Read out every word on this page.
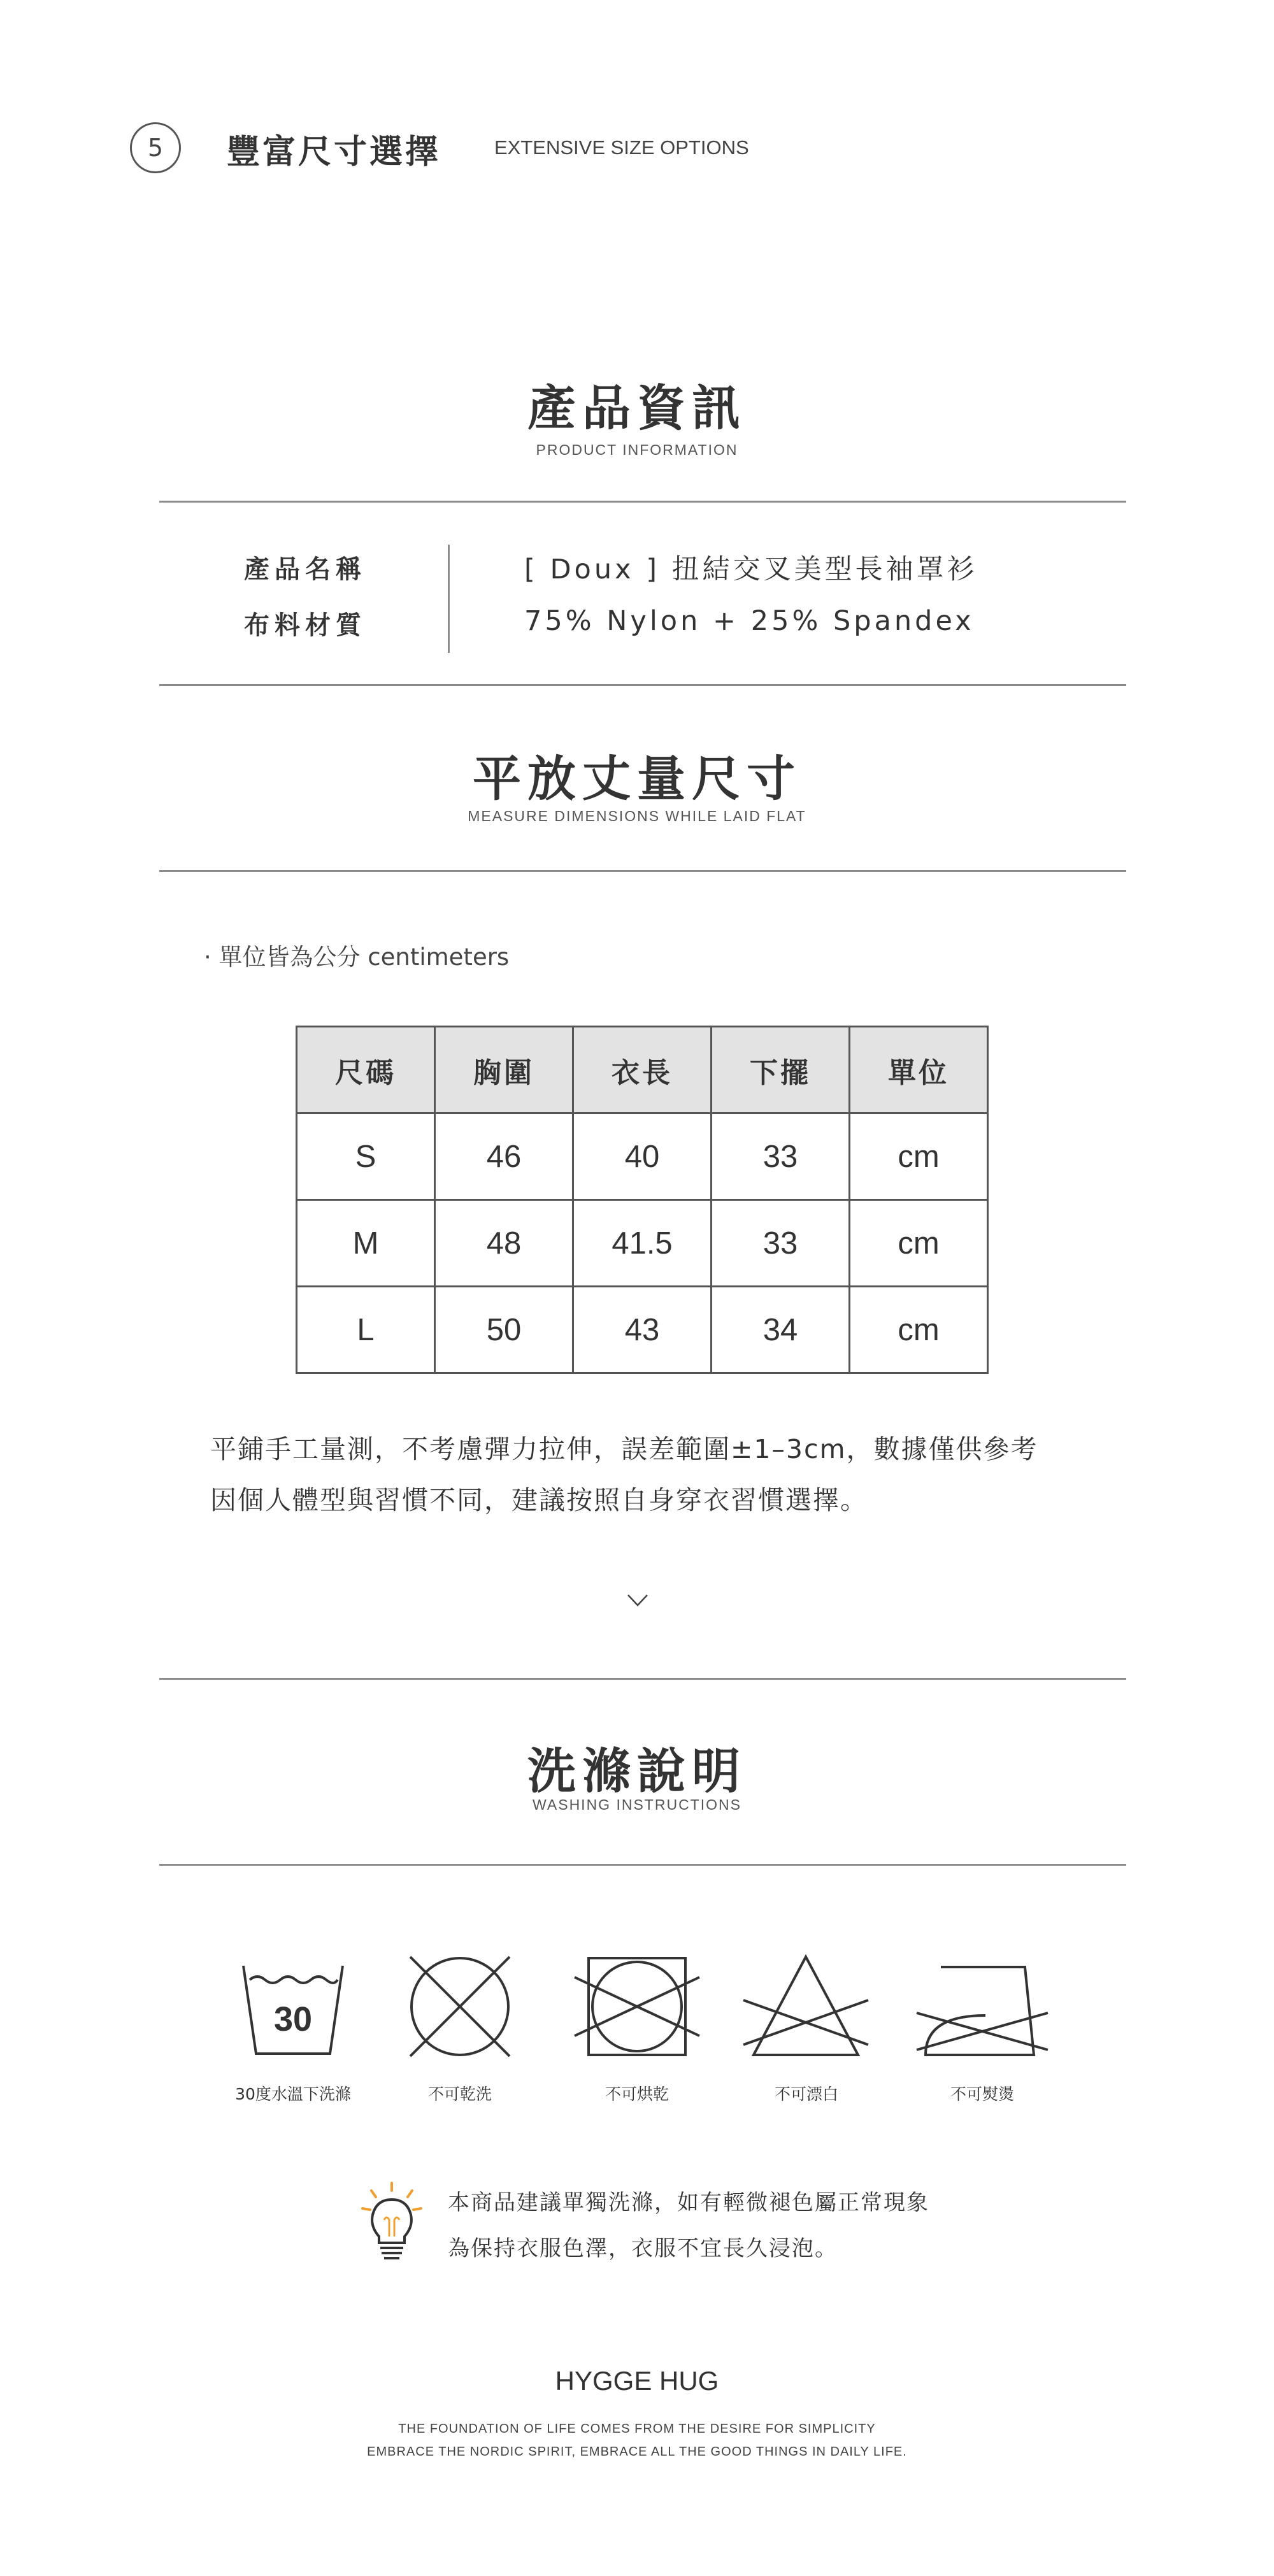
5 豐富尺寸選擇	EXTENSIVE SIZE OPTIONS
產品資訊
PRODUCT INFORMATION
產品名稱	[ Doux ] 扭結交叉美型長袖罩衫
布料材質	75% Nylon + 25% Spandex
平放丈量尺寸
MEASURE DIMENSIONS WHILE LAID FLAT
· 單位皆為公分 centimeters
尺碼	胸圍	衣長	下擺	單位
S	46	40	33	cm
M	48	41.5	33	cm
L	50	43	34	cm
平鋪手工量測，不考慮彈力拉伸，誤差範圍±1–3cm，數據僅供參考
因個人體型與習慣不同，建議按照自身穿衣習慣選擇。
洗滌說明
WASHING INSTRUCTIONS
30
30度水溫下洗滌	不可乾洗	不可烘乾	不可漂白	不可熨燙
本商品建議單獨洗滌，如有輕微褪色屬正常現象
為保持衣服色澤，衣服不宜長久浸泡。
HYGGE HUG
THE FOUNDATION OF LIFE COMES FROM THE DESIRE FOR SIMPLICITY
EMBRACE THE NORDIC SPIRIT, EMBRACE ALL THE GOOD THINGS IN DAILY LIFE.
